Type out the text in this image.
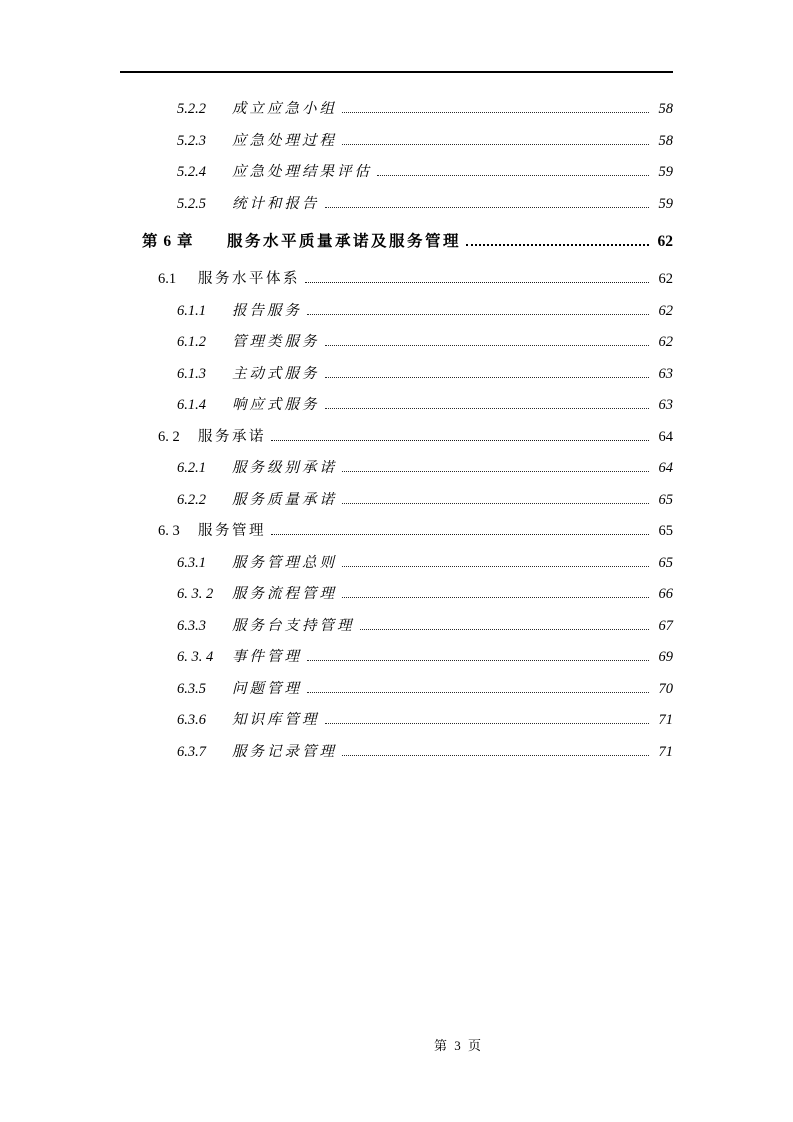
5.2.2	成立应急小组	58
5.2.3	应急处理过程	58
5.2.4	应急处理结果评估	59
5.2.5	统计和报告	59
第 6 章	服务水平质量承诺及服务管理	62
6.1	服务水平体系	62
6.1.1	报告服务	62
6.1.2	管理类服务	62
6.1.3	主动式服务	63
6.1.4	响应式服务	63
6. 2	服务承诺	64
6.2.1	服务级别承诺	64
6.2.2	服务质量承诺	65
6. 3	服务管理	65
6.3.1	服务管理总则	65
6. 3. 2	服务流程管理	66
6.3.3	服务台支持管理	67
6. 3. 4	事件管理	69
6.3.5	问题管理	70
6.3.6	知识库管理	71
6.3.7	服务记录管理	71
第 3 页
